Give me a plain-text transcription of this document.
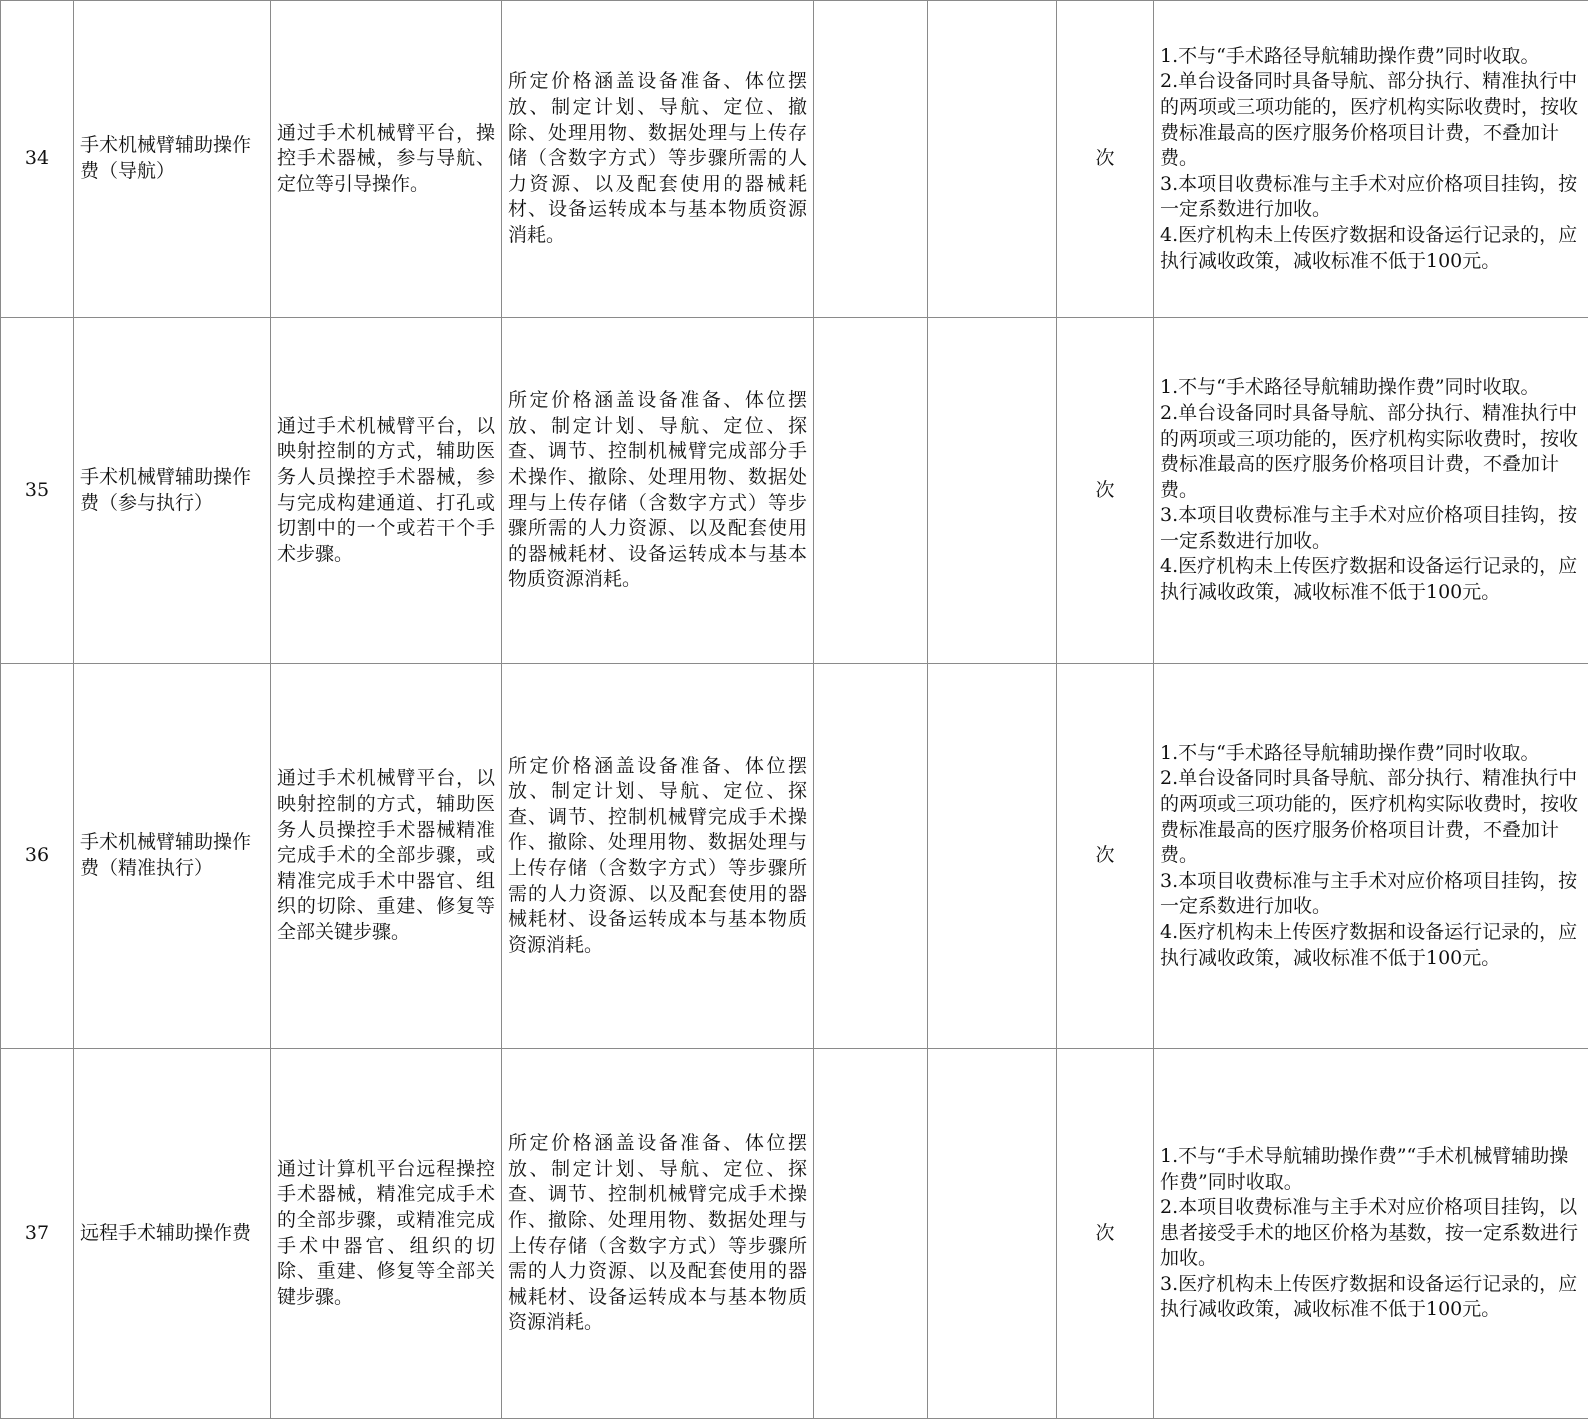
34	手术机械臂辅助操作费（导航）	通过手术机械臂平台，操控手术器械，参与导航、定位等引导操作。	所定价格涵盖设备准备、体位摆放、制定计划、导航、定位、撤除、处理用物、数据处理与上传存储（含数字方式）等步骤所需的人力资源、以及配套使用的器械耗材、设备运转成本与基本物质资源消耗。			次	1.不与“手术路径导航辅助操作费”同时收取。
2.单台设备同时具备导航、部分执行、精准执行中的两项或三项功能的，医疗机构实际收费时，按收费标准最高的医疗服务价格项目计费，不叠加计费。
3.本项目收费标准与主手术对应价格项目挂钩，按一定系数进行加收。
4.医疗机构未上传医疗数据和设备运行记录的，应执行减收政策，减收标准不低于100元。

35	手术机械臂辅助操作费（参与执行）	通过手术机械臂平台，以映射控制的方式，辅助医务人员操控手术器械，参与完成构建通道、打孔或切割中的一个或若干个手术步骤。	所定价格涵盖设备准备、体位摆放、制定计划、导航、定位、探查、调节、控制机械臂完成部分手术操作、撤除、处理用物、数据处理与上传存储（含数字方式）等步骤所需的人力资源、以及配套使用的器械耗材、设备运转成本与基本物质资源消耗。			次	1.不与“手术路径导航辅助操作费”同时收取。
2.单台设备同时具备导航、部分执行、精准执行中的两项或三项功能的，医疗机构实际收费时，按收费标准最高的医疗服务价格项目计费，不叠加计费。
3.本项目收费标准与主手术对应价格项目挂钩，按一定系数进行加收。
4.医疗机构未上传医疗数据和设备运行记录的，应执行减收政策，减收标准不低于100元。

36	手术机械臂辅助操作费（精准执行）	通过手术机械臂平台，以映射控制的方式，辅助医务人员操控手术器械精准完成手术的全部步骤，或精准完成手术中器官、组织的切除、重建、修复等全部关键步骤。	所定价格涵盖设备准备、体位摆放、制定计划、导航、定位、探查、调节、控制机械臂完成手术操作、撤除、处理用物、数据处理与上传存储（含数字方式）等步骤所需的人力资源、以及配套使用的器械耗材、设备运转成本与基本物质资源消耗。			次	1.不与“手术路径导航辅助操作费”同时收取。
2.单台设备同时具备导航、部分执行、精准执行中的两项或三项功能的，医疗机构实际收费时，按收费标准最高的医疗服务价格项目计费，不叠加计费。
3.本项目收费标准与主手术对应价格项目挂钩，按一定系数进行加收。
4.医疗机构未上传医疗数据和设备运行记录的，应执行减收政策，减收标准不低于100元。

37	远程手术辅助操作费	通过计算机平台远程操控手术器械，精准完成手术的全部步骤，或精准完成手术中器官、组织的切除、重建、修复等全部关键步骤。	所定价格涵盖设备准备、体位摆放、制定计划、导航、定位、探查、调节、控制机械臂完成手术操作、撤除、处理用物、数据处理与上传存储（含数字方式）等步骤所需的人力资源、以及配套使用的器械耗材、设备运转成本与基本物质资源消耗。			次	1.不与“手术导航辅助操作费”“手术机械臂辅助操作费”同时收取。
2.本项目收费标准与主手术对应价格项目挂钩，以患者接受手术的地区价格为基数，按一定系数进行加收。
3.医疗机构未上传医疗数据和设备运行记录的，应执行减收政策，减收标准不低于100元。
